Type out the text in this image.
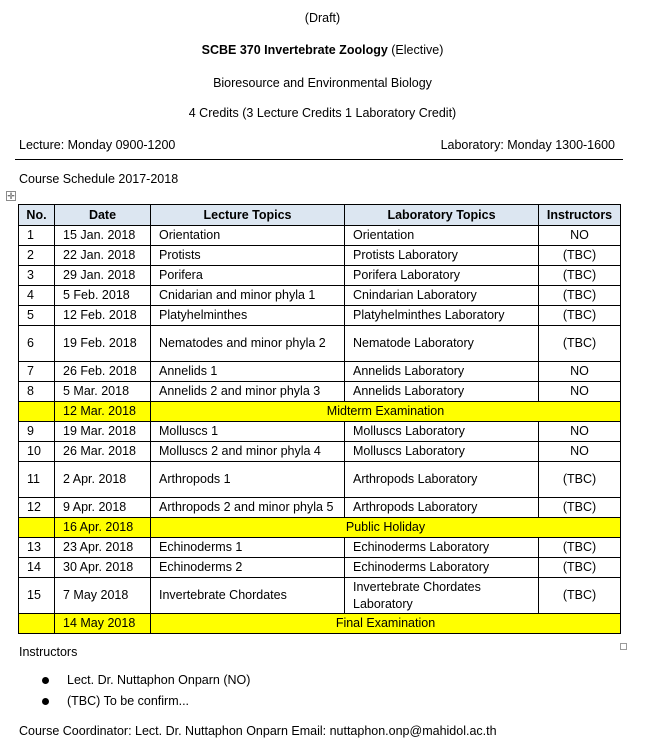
(Draft)
SCBE 370 Invertebrate Zoology (Elective)
Bioresource and Environmental Biology
4 Credits (3 Lecture Credits 1 Laboratory Credit)
Lecture: Monday 0900-1200	Laboratory: Monday 1300-1600
Course Schedule 2017-2018
✛
No.	Date	Lecture Topics	Laboratory Topics	Instructors
1	15 Jan. 2018	Orientation	Orientation	NO
2	22 Jan. 2018	Protists	Protists Laboratory	(TBC)
3	29 Jan. 2018	Porifera	Porifera Laboratory	(TBC)
4	5 Feb. 2018	Cnidarian and minor phyla 1	Cnindarian Laboratory	(TBC)
5	12 Feb. 2018	Platyhelminthes	Platyhelminthes Laboratory	(TBC)
6	19 Feb. 2018	Nematodes and minor phyla 2	Nematode Laboratory	(TBC)
7	26 Feb. 2018	Annelids 1	Annelids Laboratory	NO
8	5 Mar. 2018	Annelids 2 and minor phyla 3	Annelids Laboratory	NO
	12 Mar. 2018	Midterm Examination		
9	19 Mar. 2018	Molluscs 1	Molluscs Laboratory	NO
10	26 Mar. 2018	Molluscs 2 and minor phyla 4	Molluscs Laboratory	NO
11	2 Apr. 2018	Arthropods 1	Arthropods Laboratory	(TBC)
12	9 Apr. 2018	Arthropods 2 and minor phyla 5	Arthropods Laboratory	(TBC)
	16 Apr. 2018	Public Holiday		
13	23 Apr. 2018	Echinoderms 1	Echinoderms Laboratory	(TBC)
14	30 Apr. 2018	Echinoderms 2	Echinoderms Laboratory	(TBC)
15	7 May 2018	Invertebrate Chordates	Invertebrate Chordates Laboratory	(TBC)
	14 May 2018	Final Examination		
Instructors
Lect. Dr. Nuttaphon Onparn (NO)
(TBC) To be confirm...
Course Coordinator: Lect. Dr. Nuttaphon Onparn Email: nuttaphon.onp@mahidol.ac.th
